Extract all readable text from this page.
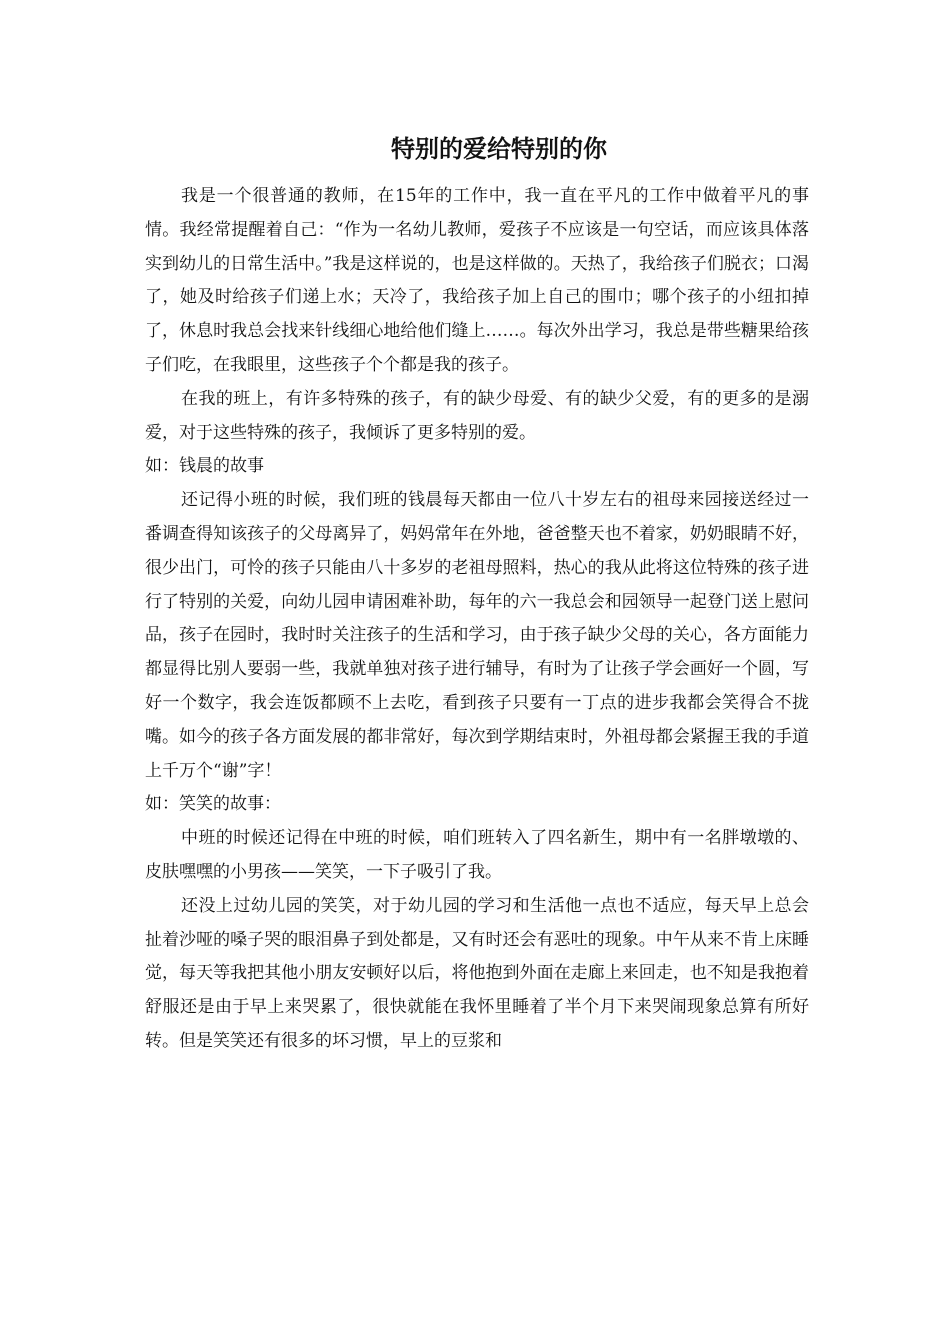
特别的爱给特别的你

我是一个很普通的教师，在15年的工作中，我一直在平凡的工作中做着平凡的事情。我经常提醒着自己：“作为一名幼儿教师，爱孩子不应该是一句空话，而应该具体落实到幼儿的日常生活中。”我是这样说的，也是这样做的。天热了，我给孩子们脱衣；口渴了，她及时给孩子们递上水；天冷了，我给孩子加上自己的围巾；哪个孩子的小纽扣掉了，休息时我总会找来针线细心地给他们缝上……。每次外出学习，我总是带些糖果给孩子们吃，在我眼里，这些孩子个个都是我的孩子。

在我的班上，有许多特殊的孩子，有的缺少母爱、有的缺少父爱，有的更多的是溺爱，对于这些特殊的孩子，我倾诉了更多特别的爱。

如：钱晨的故事

还记得小班的时候，我们班的钱晨每天都由一位八十岁左右的祖母来园接送经过一番调查得知该孩子的父母离异了，妈妈常年在外地，爸爸整天也不着家，奶奶眼睛不好，很少出门，可怜的孩子只能由八十多岁的老祖母照料，热心的我从此将这位特殊的孩子进行了特别的关爱，向幼儿园申请困难补助，每年的六一我总会和园领导一起登门送上慰问品，孩子在园时，我时时关注孩子的生活和学习，由于孩子缺少父母的关心，各方面能力都显得比别人要弱一些，我就单独对孩子进行辅导，有时为了让孩子学会画好一个圆，写好一个数字，我会连饭都顾不上去吃，看到孩子只要有一丁点的进步我都会笑得合不拢嘴。如今的孩子各方面发展的都非常好，每次到学期结束时，外祖母都会紧握王我的手道上千万个“谢”字！

如：笑笑的故事：

中班的时候还记得在中班的时候，咱们班转入了四名新生，期中有一名胖墩墩的、皮肤嘿嘿的小男孩——笑笑，一下子吸引了我。

还没上过幼儿园的笑笑，对于幼儿园的学习和生活他一点也不适应，每天早上总会扯着沙哑的嗓子哭的眼泪鼻子到处都是，又有时还会有恶吐的现象。中午从来不肯上床睡觉，每天等我把其他小朋友安顿好以后，将他抱到外面在走廊上来回走，也不知是我抱着舒服还是由于早上来哭累了，很快就能在我怀里睡着了半个月下来哭闹现象总算有所好转。但是笑笑还有很多的坏习惯，早上的豆浆和
